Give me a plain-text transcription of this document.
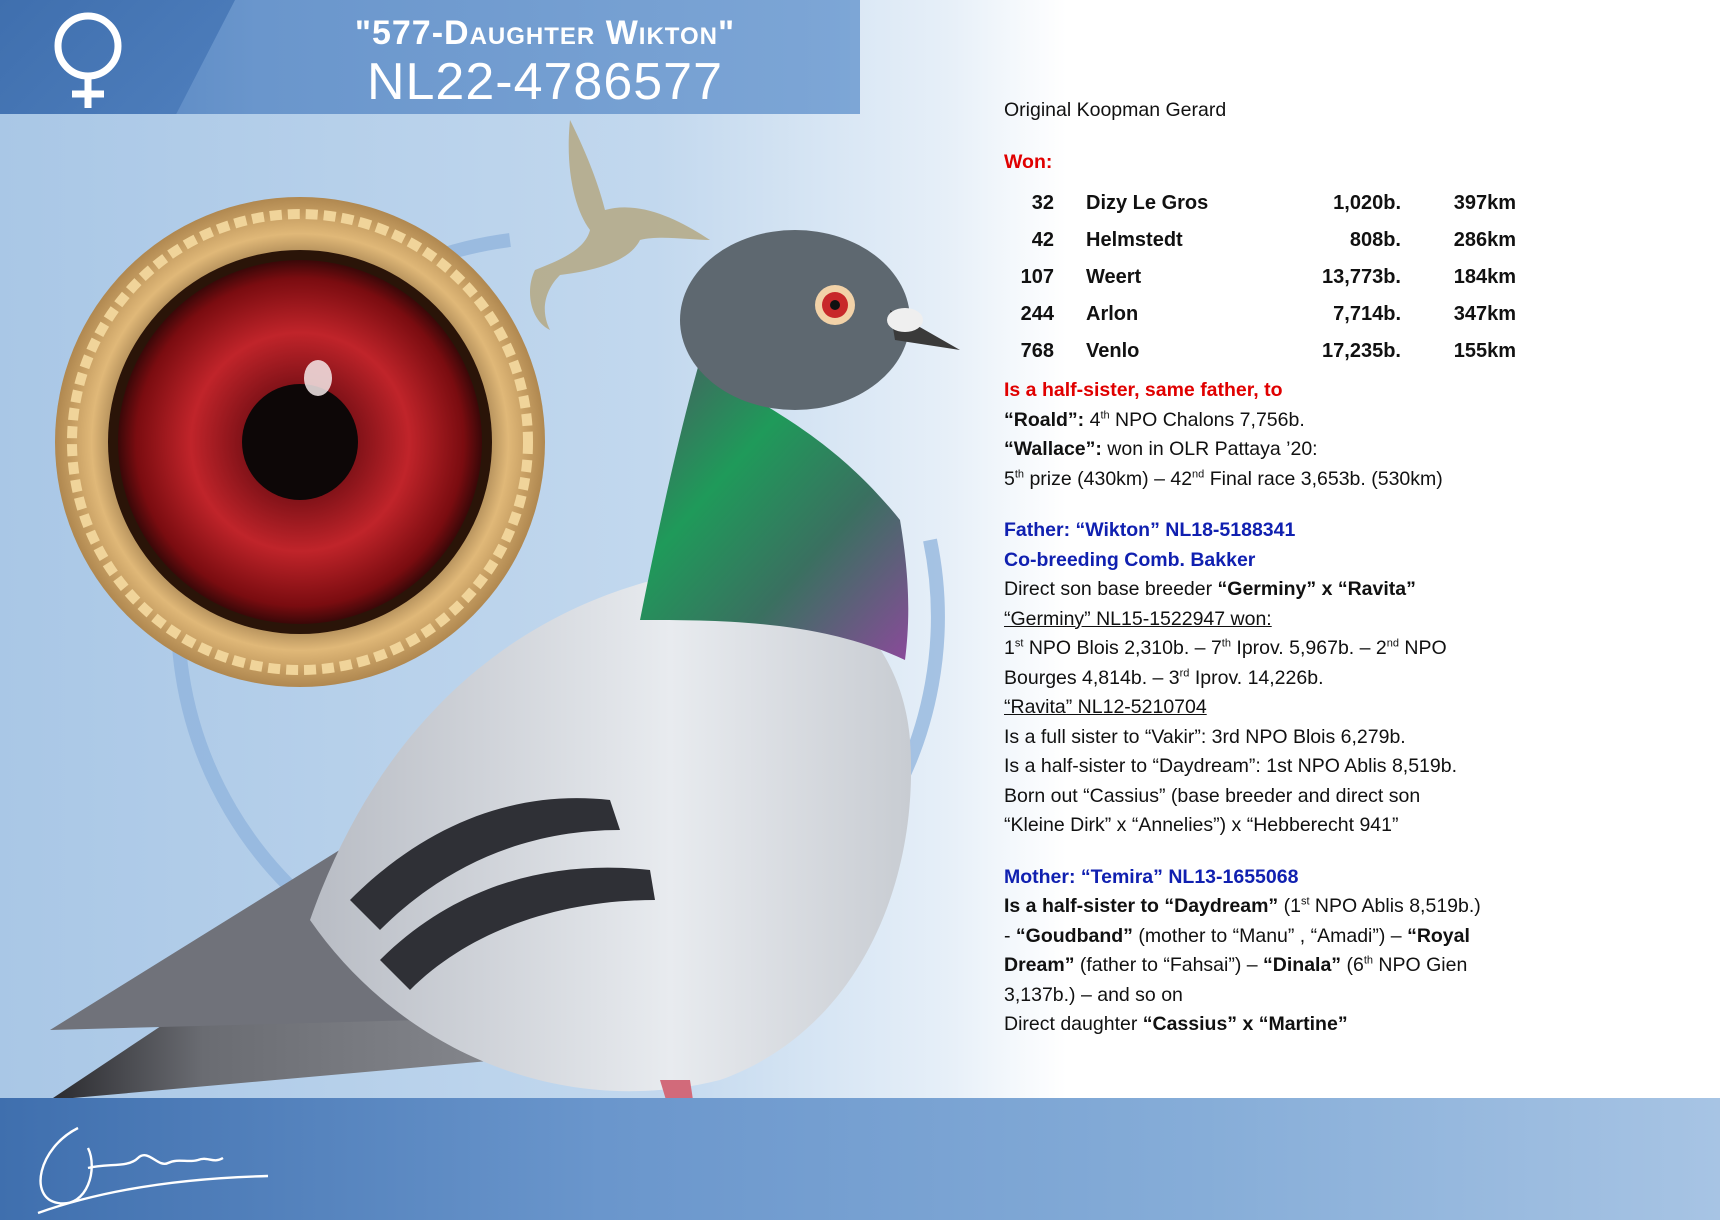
"577-Daughter Wikton"
NL22-4786577	Original Koopman Gerard

Won:

32	Dizy Le Gros	1,020b.	397km
42	Helmstedt	808b.	286km
107	Weert	13,773b.	184km
244	Arlon	7,714b.	347km
768	Venlo	17,235b.	155km

Is a half-sister, same father, to

“Roald”: 4th NPO Chalons 7,756b.

“Wallace”: won in OLR Pattaya ’20:

5th prize (430km) – 42nd Final race 3,653b. (530km)

Father: “Wikton” NL18-5188341

Co-breeding Comb. Bakker

Direct son base breeder “Germiny” x “Ravita”

“Germiny” NL15-1522947 won:

1st NPO Blois 2,310b. – 7th Iprov. 5,967b. – 2nd NPO

Bourges 4,814b. – 3rd Iprov. 14,226b.

“Ravita” NL12-5210704

Is a full sister to “Vakir”: 3rd NPO Blois 6,279b.

Is a half-sister to “Daydream”: 1st NPO Ablis 8,519b.

Born out “Cassius” (base breeder and direct son

“Kleine Dirk” x “Annelies”) x “Hebberecht 941”

Mother: “Temira” NL13-1655068

Is a half-sister to “Daydream” (1st NPO Ablis 8,519b.)

- “Goudband” (mother to “Manu” , “Amadi”) – “Royal

Dream” (father to “Fahsai”) – “Dinala” (6th NPO Gien

3,137b.) – and so on

Direct daughter “Cassius” x “Martine”
